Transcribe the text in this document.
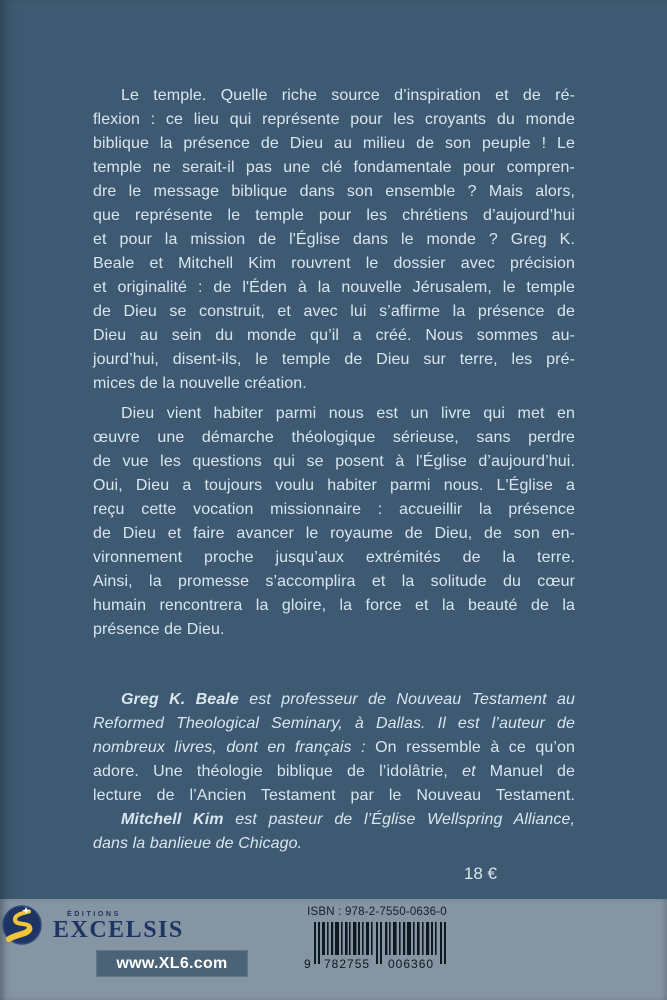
Le temple. Quelle riche source d’inspiration et de ré-
flexion : ce lieu qui représente pour les croyants du monde
biblique la présence de Dieu au milieu de son peuple ! Le
temple ne serait-il pas une clé fondamentale pour compren-
dre le message biblique dans son ensemble ? Mais alors,
que représente le temple pour les chrétiens d’aujourd’hui
et pour la mission de l'Église dans le monde ? Greg K.
Beale et Mitchell Kim rouvrent le dossier avec précision
et originalité : de l'Éden à la nouvelle Jérusalem, le temple
de Dieu se construit, et avec lui s’affirme la présence de
Dieu au sein du monde qu’il a créé. Nous sommes au-
jourd’hui, disent-ils, le temple de Dieu sur terre, les pré-
mices de la nouvelle création.
Dieu vient habiter parmi nous est un livre qui met en
œuvre une démarche théologique sérieuse, sans perdre
de vue les questions qui se posent à l'Église d’aujourd’hui.
Oui, Dieu a toujours voulu habiter parmi nous. L'Église a
reçu cette vocation missionnaire : accueillir la présence
de Dieu et faire avancer le royaume de Dieu, de son en-
vironnement proche jusqu’aux extrémités de la terre.
Ainsi, la promesse s’accomplira et la solitude du cœur
humain rencontrera la gloire, la force et la beauté de la
présence de Dieu.
Greg K. Beale est professeur de Nouveau Testament au
Reformed Theological Seminary, à Dallas. Il est l’auteur de
nombreux livres, dont en français : On ressemble à ce qu’on
adore. Une théologie biblique de l’idolâtrie, et Manuel de
lecture de l’Ancien Testament par le Nouveau Testament.
Mitchell Kim est pasteur de l’Église Wellspring Alliance,
dans la banlieue de Chicago.
18 €
ÉDITIONS
EXCELSIS
www.XL6.com
ISBN : 978-2-7550-0636-0
9 782755 006360
